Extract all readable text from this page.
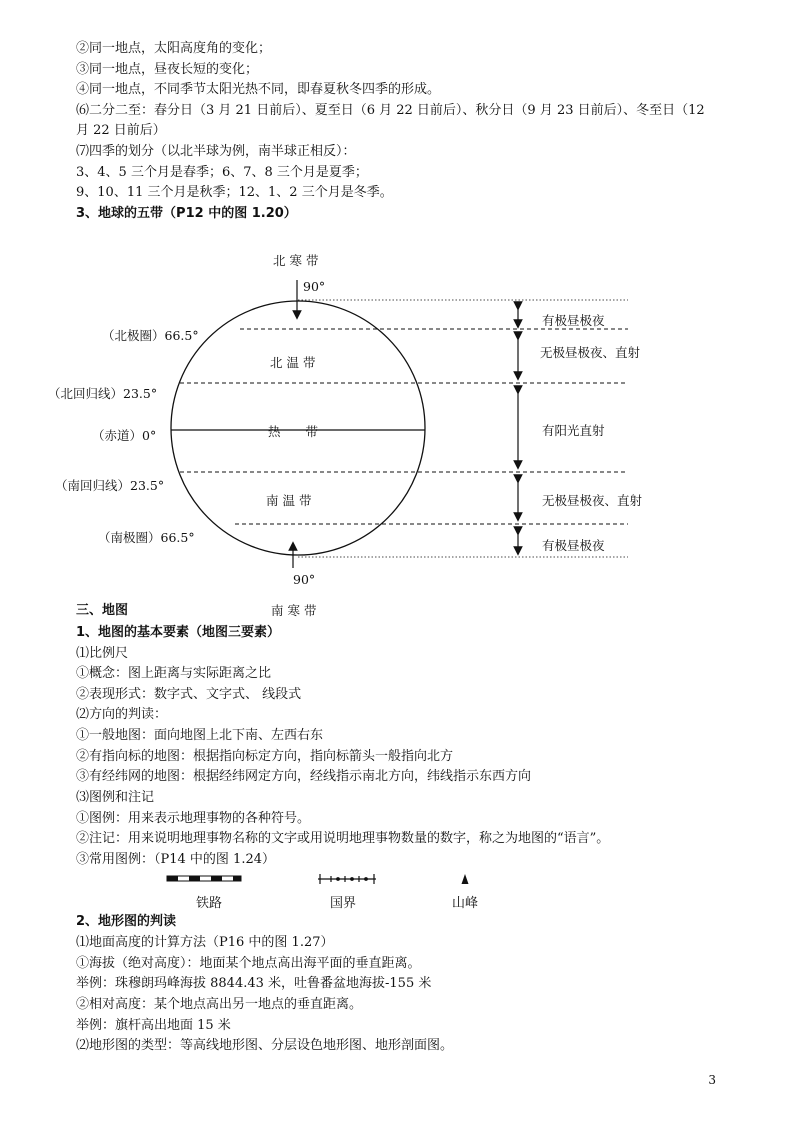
②同一地点，太阳高度角的变化；
③同一地点，昼夜长短的变化；
④同一地点，不同季节太阳光热不同，即春夏秋冬四季的形成。
⑹二分二至：春分日（3 月 21 日前后）、夏至日（6 月 22 日前后）、秋分日（9 月 23 日前后）、冬至日（12
月 22 日前后）
⑺四季的划分（以北半球为例，南半球正相反）：
3、4、5 三个月是春季；6、7、8 三个月是夏季；
9、10、11 三个月是秋季；12、1、2 三个月是冬季。
3、地球的五带（P12 中的图 1.20）
北 寒 带
90°
北 温 带
热　　带
南 温 带
90°
南 寒 带
（北极圈）66.5°
（北回归线）23.5°
（赤道）0°
（南回归线）23.5°
（南极圈）66.5°
有极昼极夜
无极昼极夜、直射
有阳光直射
无极昼极夜、直射
有极昼极夜
三、地图
1、地图的基本要素（地图三要素）
⑴比例尺
①概念：图上距离与实际距离之比
②表现形式：数字式、文字式、 线段式
⑵方向的判读：
①一般地图：面向地图上北下南、左西右东
②有指向标的地图：根据指向标定方向，指向标箭头一般指向北方
③有经纬网的地图：根据经纬网定方向，经线指示南北方向，纬线指示东西方向
⑶图例和注记
①图例：用来表示地理事物的各种符号。
②注记：用来说明地理事物名称的文字或用说明地理事物数量的数字，称之为地图的“语言”。
③常用图例：（P14 中的图 1.24）
铁路	国界	山峰
2、地形图的判读
⑴地面高度的计算方法（P16 中的图 1.27）
①海拔（绝对高度）：地面某个地点高出海平面的垂直距离。
举例：珠穆朗玛峰海拔 8844.43 米，吐鲁番盆地海拔-155 米
②相对高度：某个地点高出另一地点的垂直距离。
举例：旗杆高出地面 15 米
⑵地形图的类型：等高线地形图、分层设色地形图、地形剖面图。
3
